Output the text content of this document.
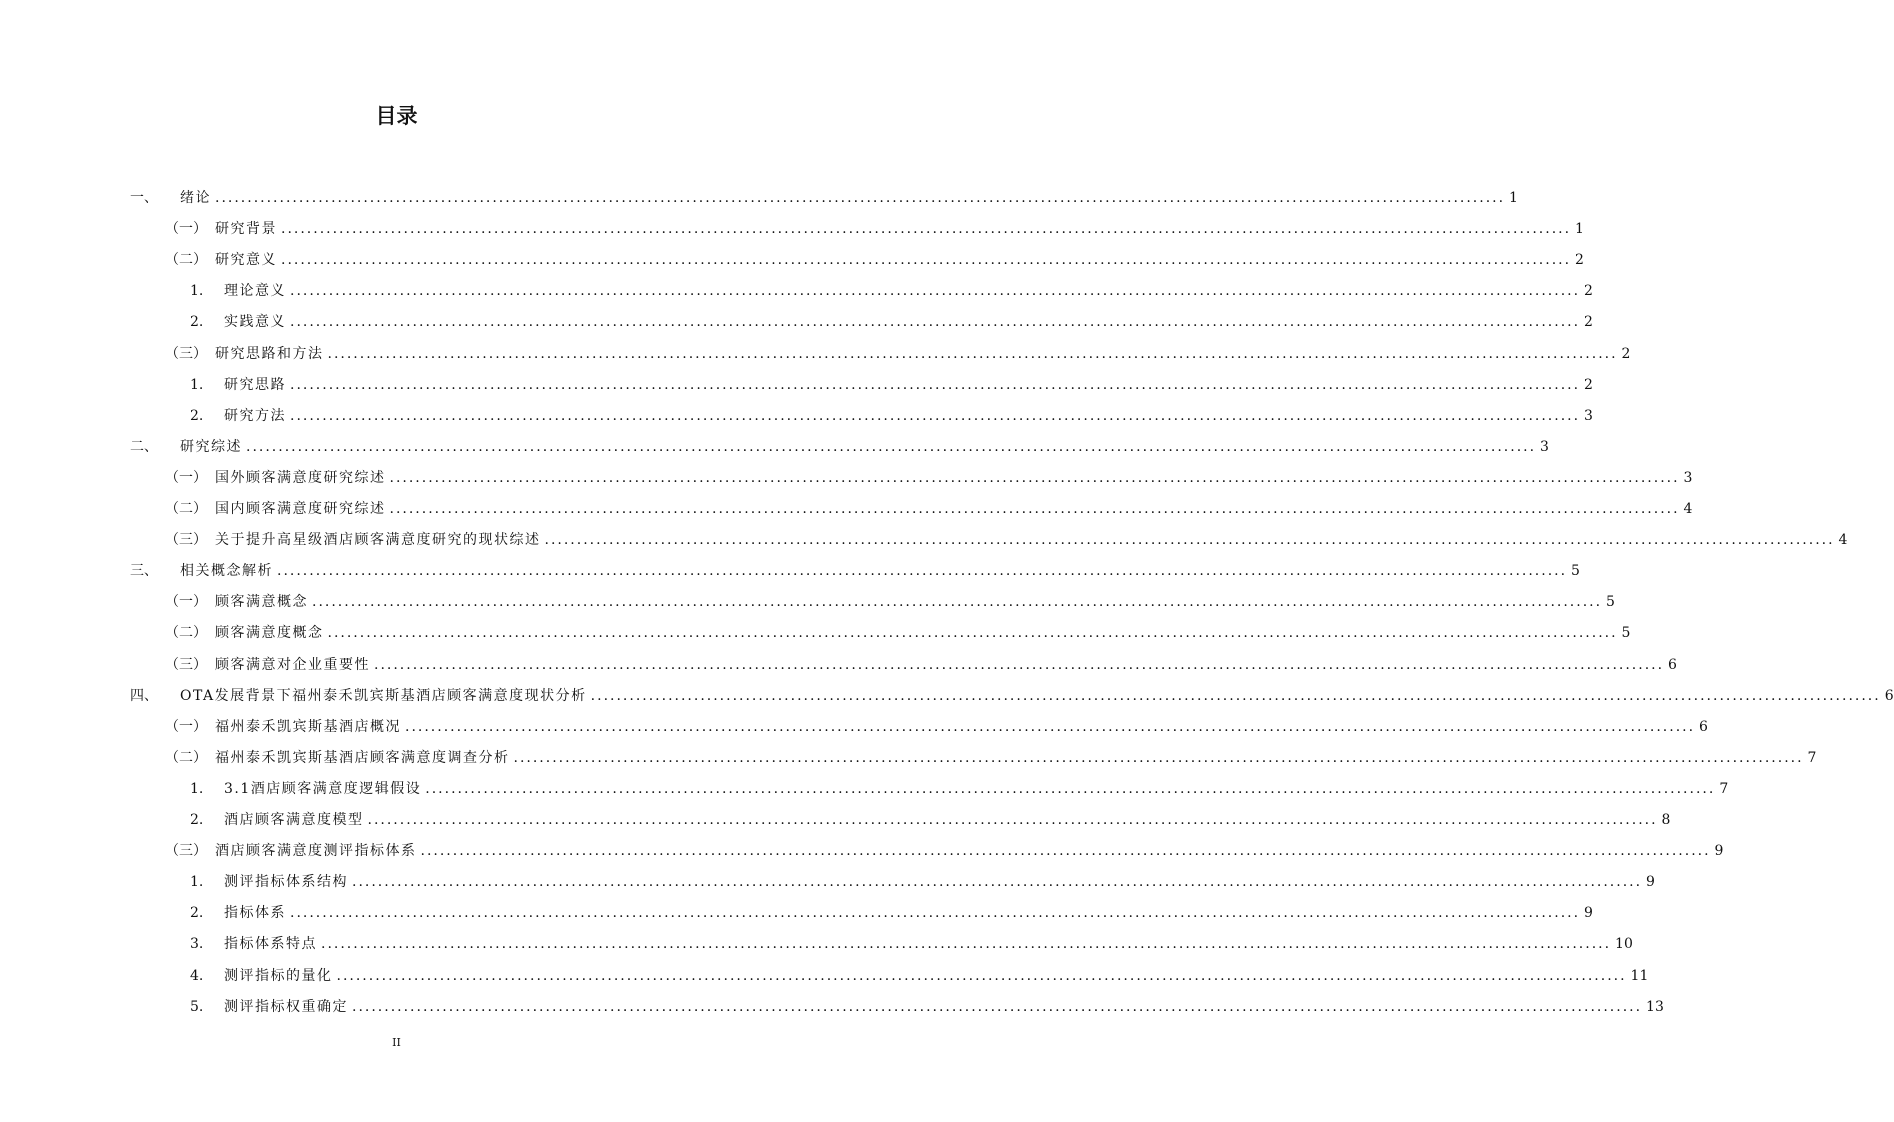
目录
一、	绪论 ........................................................................................................................................................................................................ 1
（一） 研究背景 ........................................................................................................................................................................................................ 1
（二） 研究意义 ........................................................................................................................................................................................................ 2
1.	理论意义 ........................................................................................................................................................................................................ 2
2.	实践意义 ........................................................................................................................................................................................................ 2
（三） 研究思路和方法 ........................................................................................................................................................................................................ 2
1.	研究思路 ........................................................................................................................................................................................................ 2
2.	研究方法 ........................................................................................................................................................................................................ 3
二、	研究综述 ........................................................................................................................................................................................................ 3
（一） 国外顾客满意度研究综述 ........................................................................................................................................................................................................ 3
（二） 国内顾客满意度研究综述 ........................................................................................................................................................................................................ 4
（三） 关于提升高星级酒店顾客满意度研究的现状综述 ........................................................................................................................................................................................................ 4
三、	相关概念解析 ........................................................................................................................................................................................................ 5
（一） 顾客满意概念 ........................................................................................................................................................................................................ 5
（二） 顾客满意度概念 ........................................................................................................................................................................................................ 5
（三） 顾客满意对企业重要性 ........................................................................................................................................................................................................ 6
四、	OTA发展背景下福州泰禾凯宾斯基酒店顾客满意度现状分析 ........................................................................................................................................................................................................ 6
（一） 福州泰禾凯宾斯基酒店概况 ........................................................................................................................................................................................................ 6
（二） 福州泰禾凯宾斯基酒店顾客满意度调查分析 ........................................................................................................................................................................................................ 7
1.	3.1酒店顾客满意度逻辑假设 ........................................................................................................................................................................................................ 7
2.	酒店顾客满意度模型 ........................................................................................................................................................................................................ 8
（三） 酒店顾客满意度测评指标体系 ........................................................................................................................................................................................................ 9
1.	测评指标体系结构 ........................................................................................................................................................................................................ 9
2.	指标体系 ........................................................................................................................................................................................................ 9
3.	指标体系特点 ........................................................................................................................................................................................................ 10
4.	测评指标的量化 ........................................................................................................................................................................................................ 11
5.	测评指标权重确定 ........................................................................................................................................................................................................ 13
II
